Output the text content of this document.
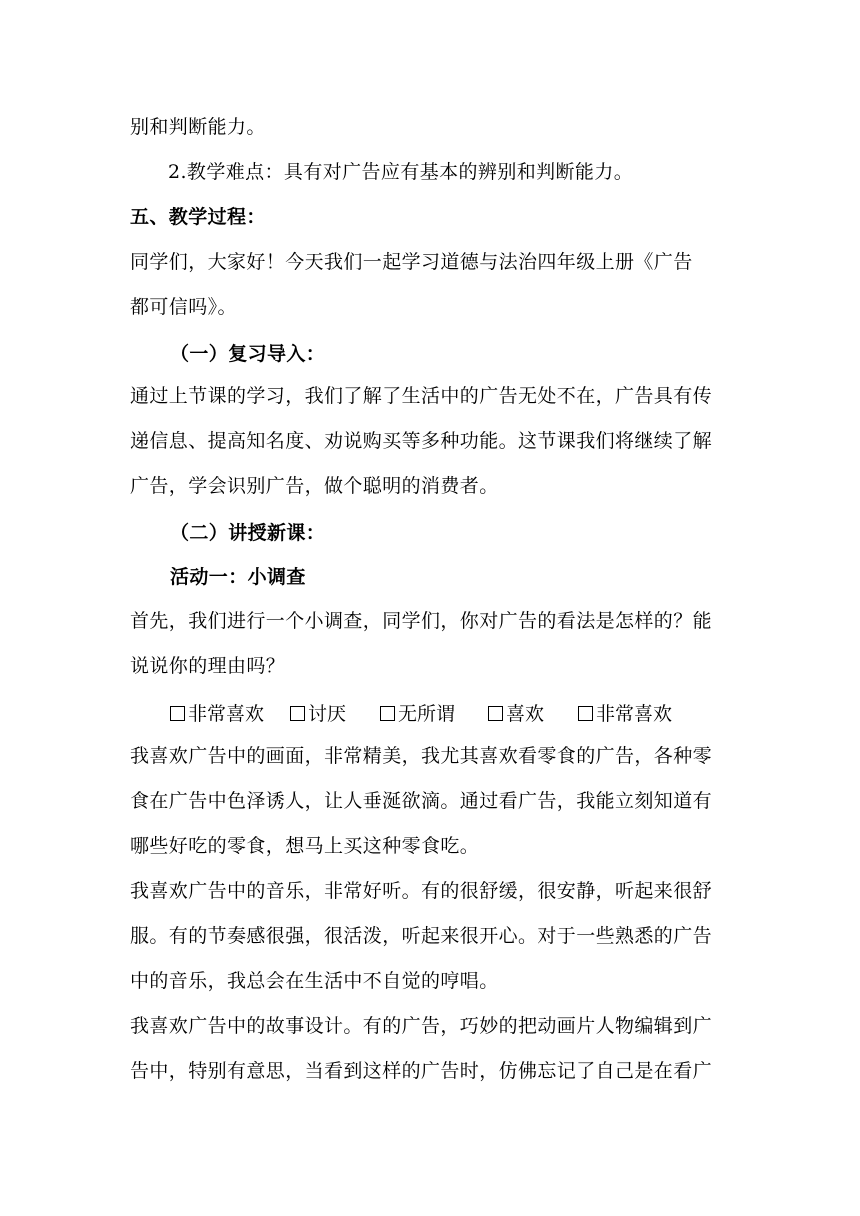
别和判断能力。
2.教学难点：具有对广告应有基本的辨别和判断能力。
五、教学过程：
同学们，大家好！今天我们一起学习道德与法治四年级上册《广告
都可信吗》。
（一）复习导入：
通过上节课的学习，我们了解了生活中的广告无处不在，广告具有传
递信息、提高知名度、劝说购买等多种功能。这节课我们将继续了解
广告，学会识别广告，做个聪明的消费者。
（二）讲授新课：
活动一：小调查
首先，我们进行一个小调查，同学们，你对广告的看法是怎样的？能
说说你的理由吗？
非常喜欢	讨厌	无所谓	喜欢	非常喜欢
我喜欢广告中的画面，非常精美，我尤其喜欢看零食的广告，各种零
食在广告中色泽诱人，让人垂涎欲滴。通过看广告，我能立刻知道有
哪些好吃的零食，想马上买这种零食吃。
我喜欢广告中的音乐，非常好听。有的很舒缓，很安静，听起来很舒
服。有的节奏感很强，很活泼，听起来很开心。对于一些熟悉的广告
中的音乐，我总会在生活中不自觉的哼唱。
我喜欢广告中的故事设计。有的广告，巧妙的把动画片人物编辑到广
告中，特别有意思，当看到这样的广告时，仿佛忘记了自己是在看广
